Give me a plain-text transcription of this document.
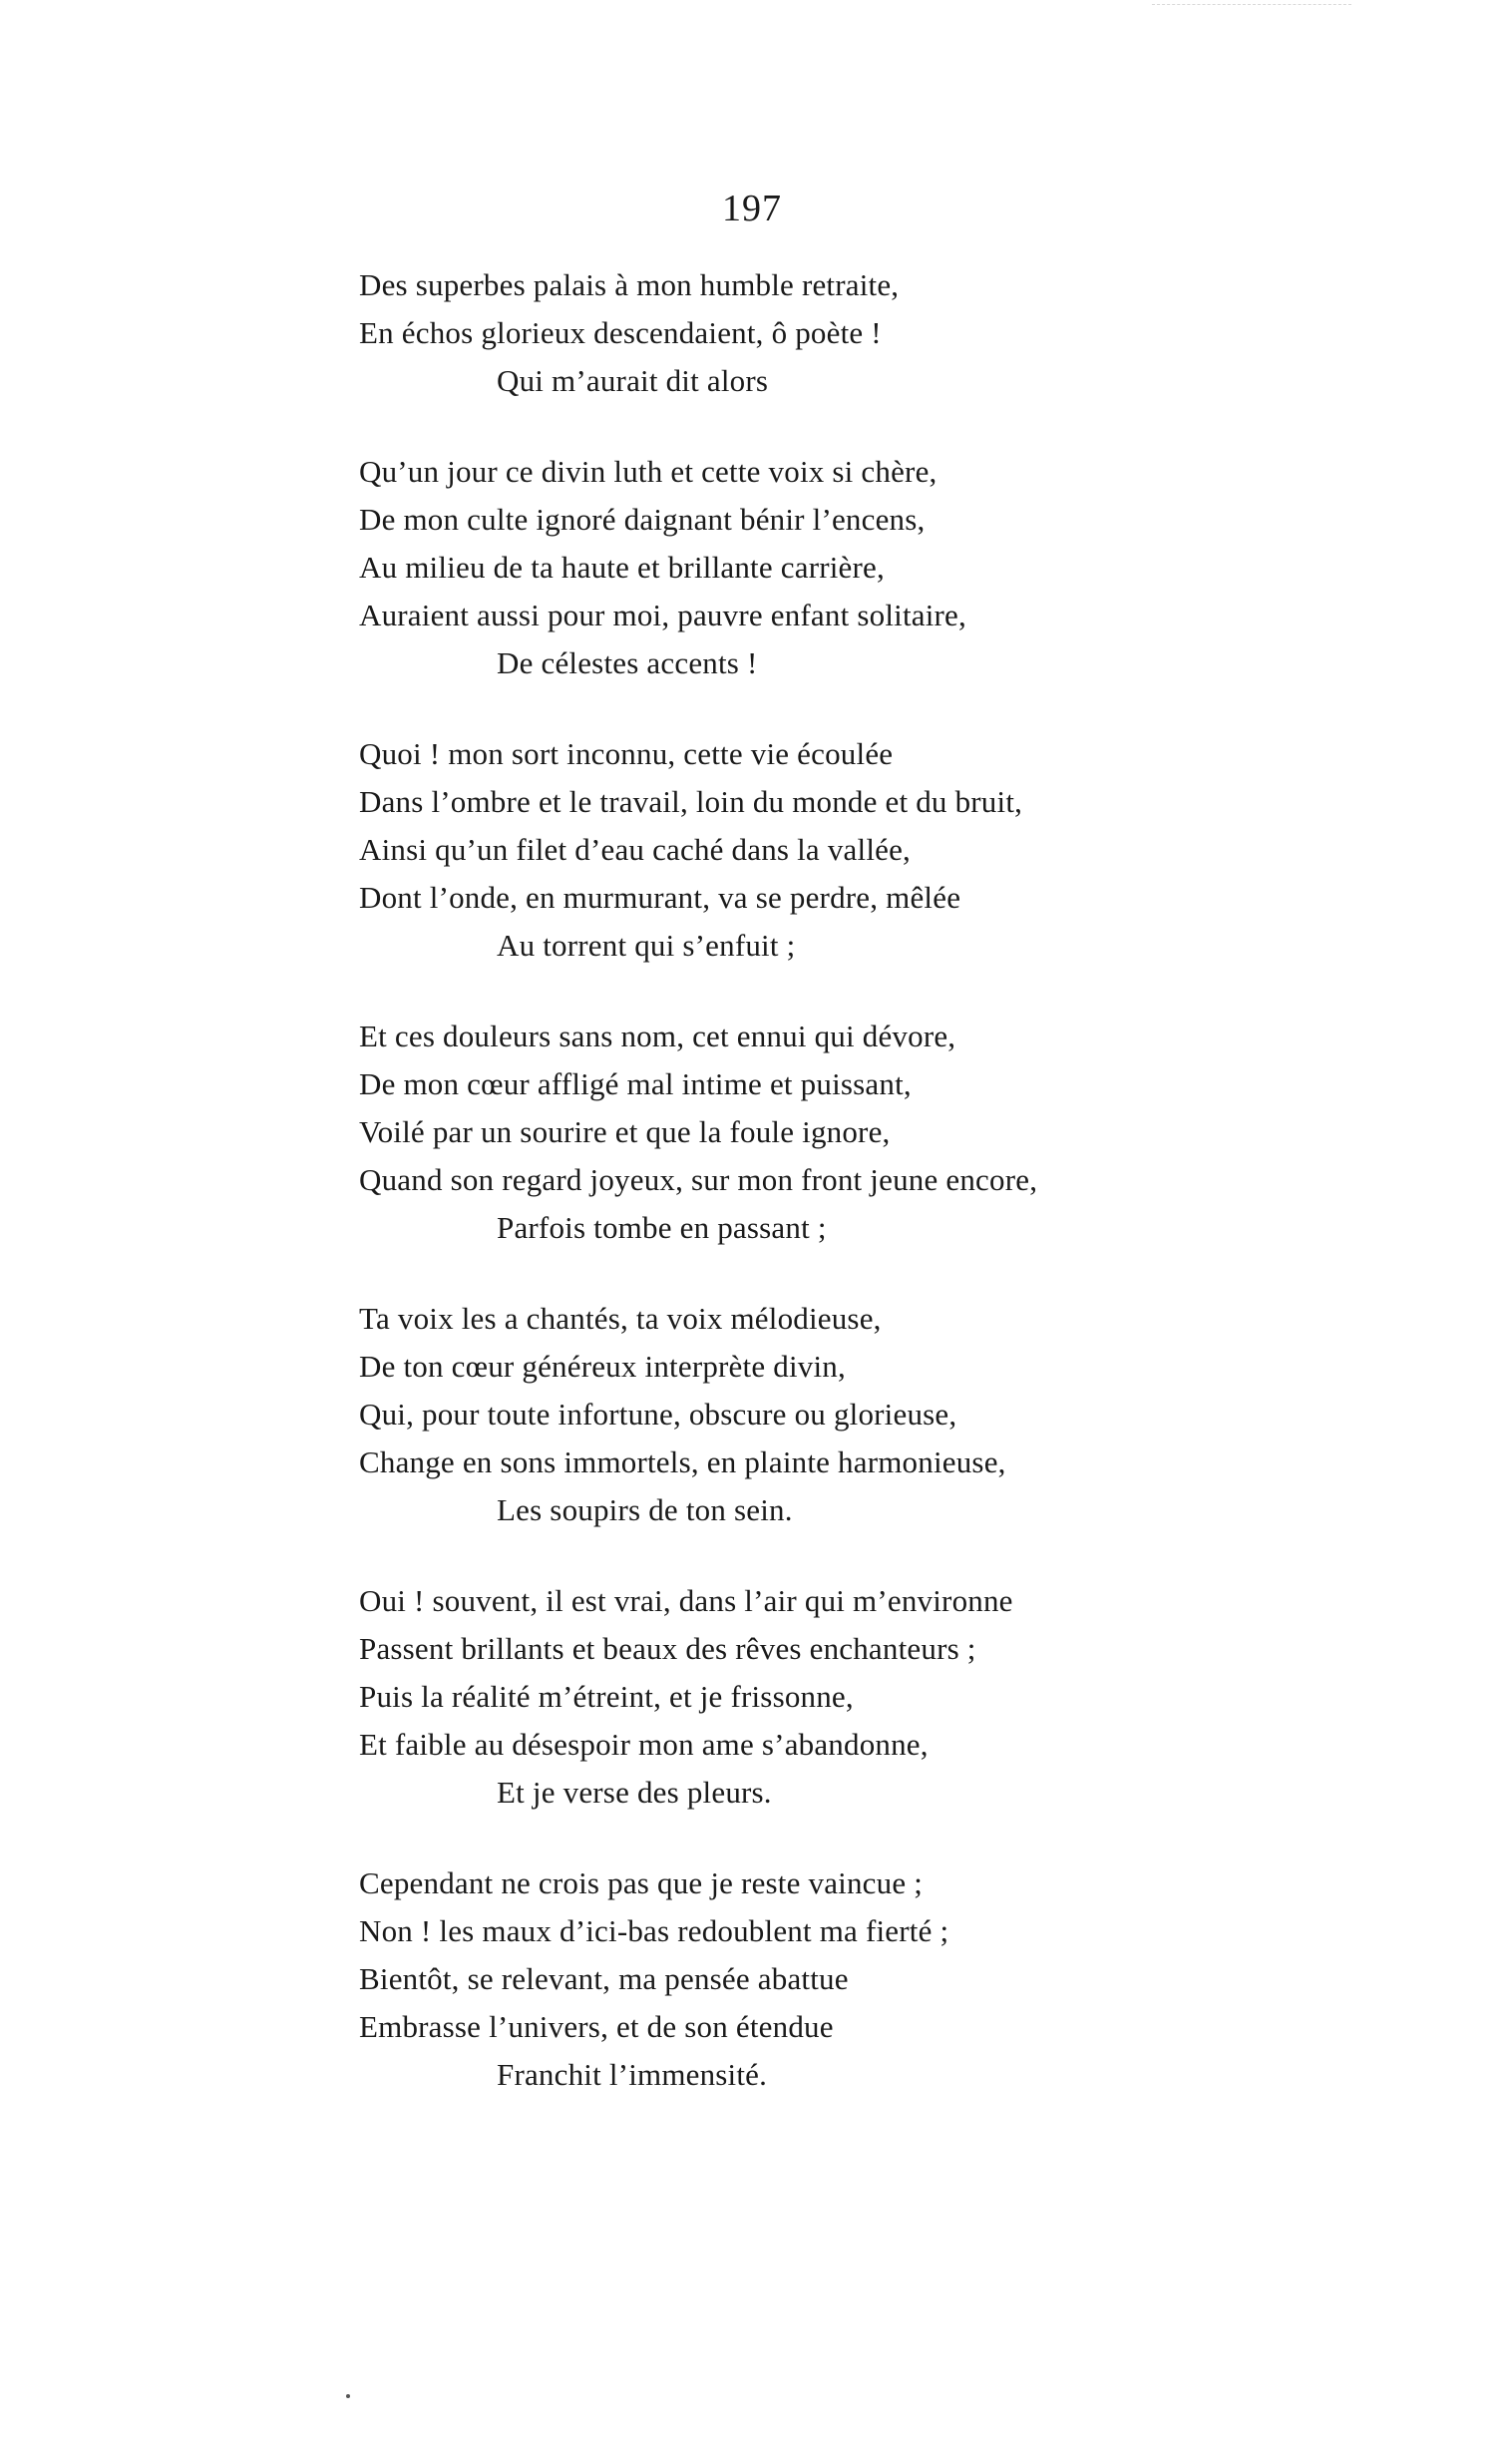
197
Des superbes palais à mon humble retraite,
En échos glorieux descendaient, ô poète !
Qui m’aurait dit alors
Qu’un jour ce divin luth et cette voix si chère,
De mon culte ignoré daignant bénir l’encens,
Au milieu de ta haute et brillante carrière,
Auraient aussi pour moi, pauvre enfant solitaire,
De célestes accents !
Quoi ! mon sort inconnu, cette vie écoulée
Dans l’ombre et le travail, loin du monde et du bruit,
Ainsi qu’un filet d’eau caché dans la vallée,
Dont l’onde, en murmurant, va se perdre, mêlée
Au torrent qui s’enfuit ;
Et ces douleurs sans nom, cet ennui qui dévore,
De mon cœur affligé mal intime et puissant,
Voilé par un sourire et que la foule ignore,
Quand son regard joyeux, sur mon front jeune encore,
Parfois tombe en passant ;
Ta voix les a chantés, ta voix mélodieuse,
De ton cœur généreux interprète divin,
Qui, pour toute infortune, obscure ou glorieuse,
Change en sons immortels, en plainte harmonieuse,
Les soupirs de ton sein.
Oui ! souvent, il est vrai, dans l’air qui m’environne
Passent brillants et beaux des rêves enchanteurs ;
Puis la réalité m’étreint, et je frissonne,
Et faible au désespoir mon ame s’abandonne,
Et je verse des pleurs.
Cependant ne crois pas que je reste vaincue ;
Non ! les maux d’ici-bas redoublent ma fierté ;
Bientôt, se relevant, ma pensée abattue
Embrasse l’univers, et de son étendue
Franchit l’immensité.
